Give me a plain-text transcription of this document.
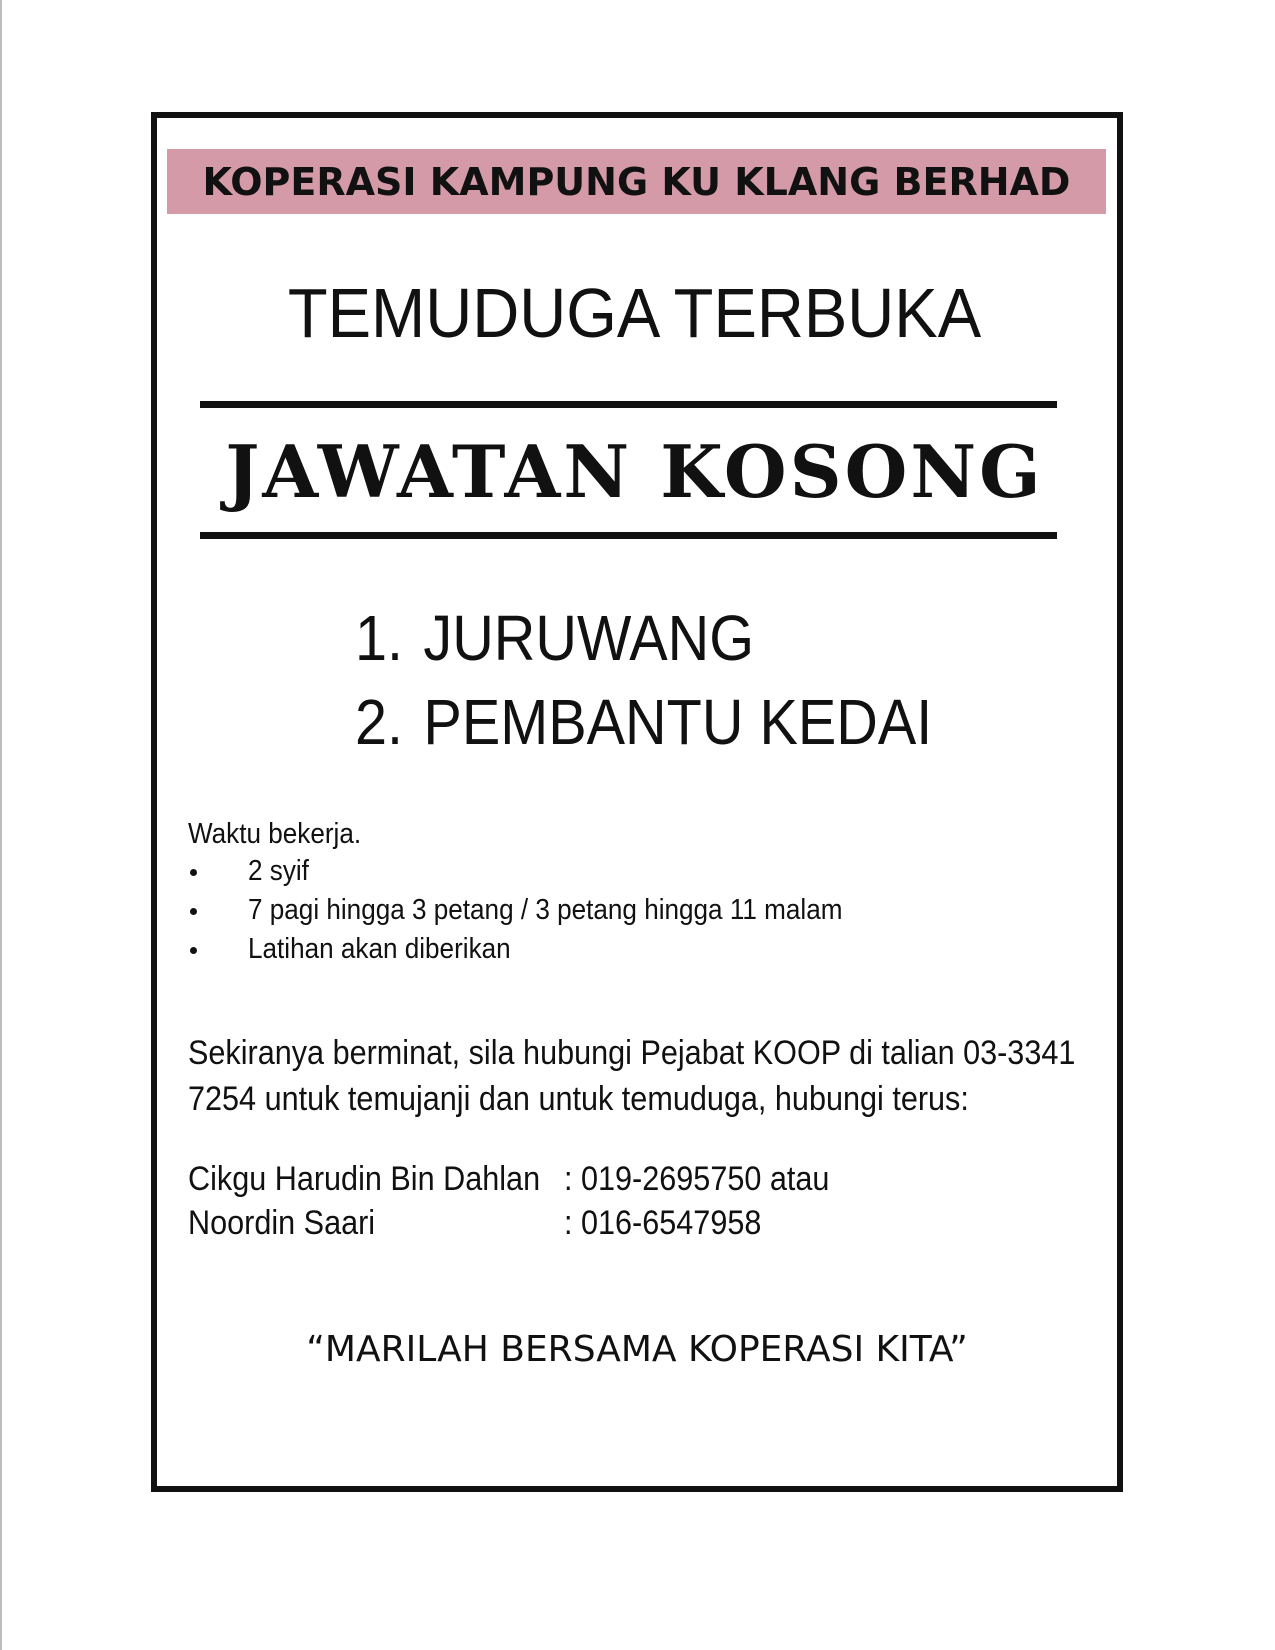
KOPERASI KAMPUNG KU KLANG BERHAD
TEMUDUGA TERBUKA
JAWATAN KOSONG
1. JURUWANG
2. PEMBANTU KEDAI
Waktu bekerja.
2 syif
7 pagi hingga 3 petang / 3 petang hingga 11 malam
Latihan akan diberikan
Sekiranya berminat, sila hubungi Pejabat KOOP di talian 03-3341
7254 untuk temujanji dan untuk temuduga, hubungi terus:
Cikgu Harudin Bin Dahlan : 019-2695750 atau
Noordin Saari	: 016-6547958
“MARILAH BERSAMA KOPERASI KITA”
